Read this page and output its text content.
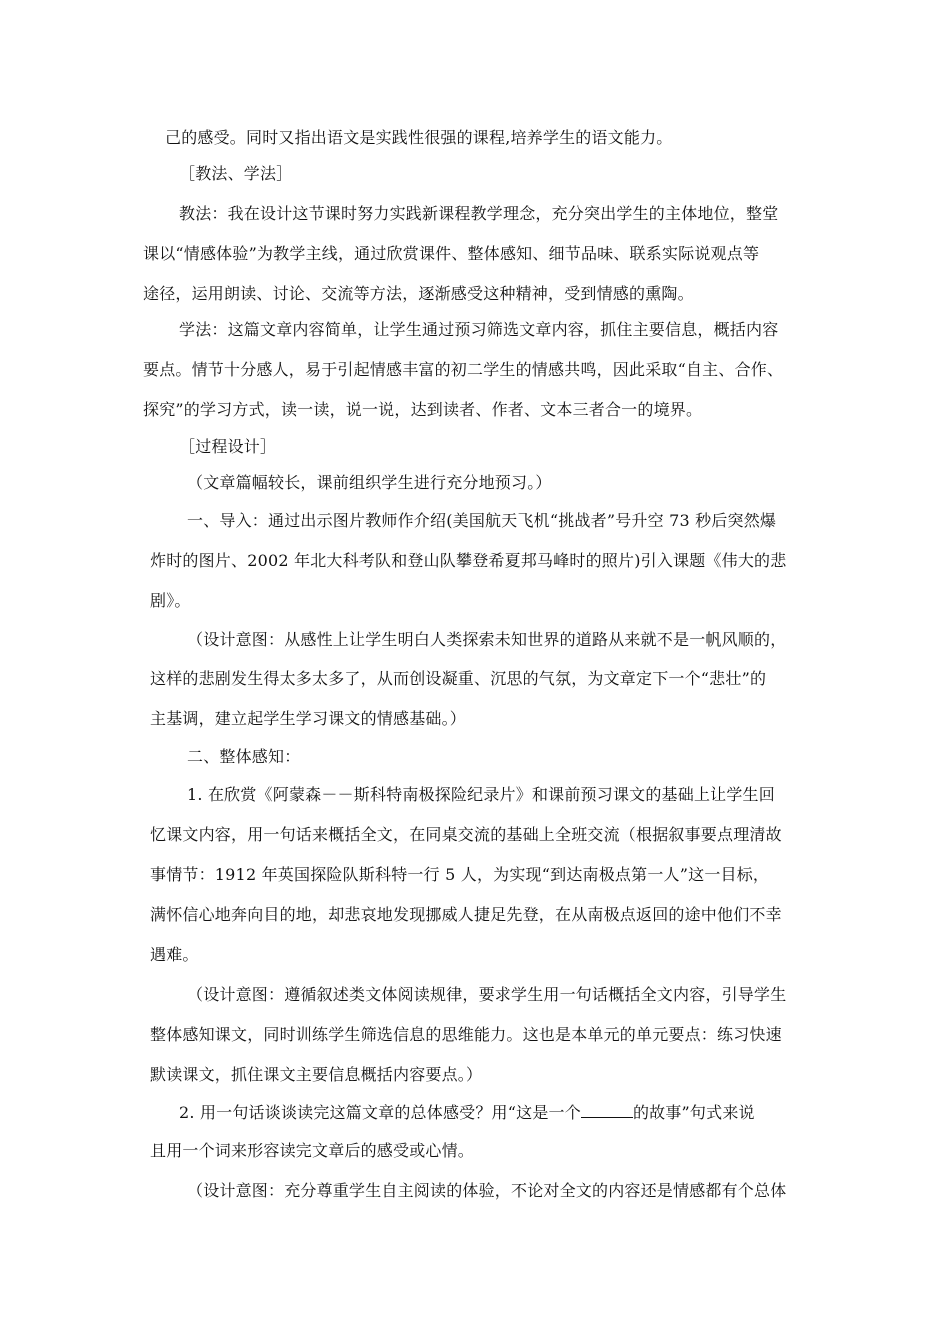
己的感受。同时又指出语文是实践性很强的课程,培养学生的语文能力。
［教法、学法］
教法：我在设计这节课时努力实践新课程教学理念，充分突出学生的主体地位，整堂
课以“情感体验”为教学主线，通过欣赏课件、整体感知、细节品味、联系实际说观点等
途径，运用朗读、讨论、交流等方法，逐渐感受这种精神，受到情感的熏陶。
学法：这篇文章内容简单，让学生通过预习筛选文章内容，抓住主要信息，概括内容
要点。情节十分感人，易于引起情感丰富的初二学生的情感共鸣，因此采取“自主、合作、
探究”的学习方式，读一读，说一说，达到读者、作者、文本三者合一的境界。
［过程设计］
（文章篇幅较长，课前组织学生进行充分地预习。）
一、导入：通过出示图片教师作介绍(美国航天飞机“挑战者”号升空 73 秒后突然爆
炸时的图片、2002 年北大科考队和登山队攀登希夏邦马峰时的照片)引入课题《伟大的悲
剧》。
（设计意图：从感性上让学生明白人类探索未知世界的道路从来就不是一帆风顺的，
这样的悲剧发生得太多太多了，从而创设凝重、沉思的气氛，为文章定下一个“悲壮”的
主基调，建立起学生学习课文的情感基础。）
二、整体感知：
1. 在欣赏《阿蒙森－－斯科特南极探险纪录片》和课前预习课文的基础上让学生回
忆课文内容，用一句话来概括全文，在同桌交流的基础上全班交流（根据叙事要点理清故
事情节：1912 年英国探险队斯科特一行 5 人，为实现“到达南极点第一人”这一目标，
满怀信心地奔向目的地，却悲哀地发现挪威人捷足先登，在从南极点返回的途中他们不幸
遇难。
（设计意图：遵循叙述类文体阅读规律，要求学生用一句话概括全文内容，引导学生
整体感知课文，同时训练学生筛选信息的思维能力。这也是本单元的单元要点：练习快速
默读课文，抓住课文主要信息概括内容要点。）
2. 用一句话谈谈读完这篇文章的总体感受？用“这是一个	的故事”句式来说
且用一个词来形容读完文章后的感受或心情。
（设计意图：充分尊重学生自主阅读的体验，不论对全文的内容还是情感都有个总体
